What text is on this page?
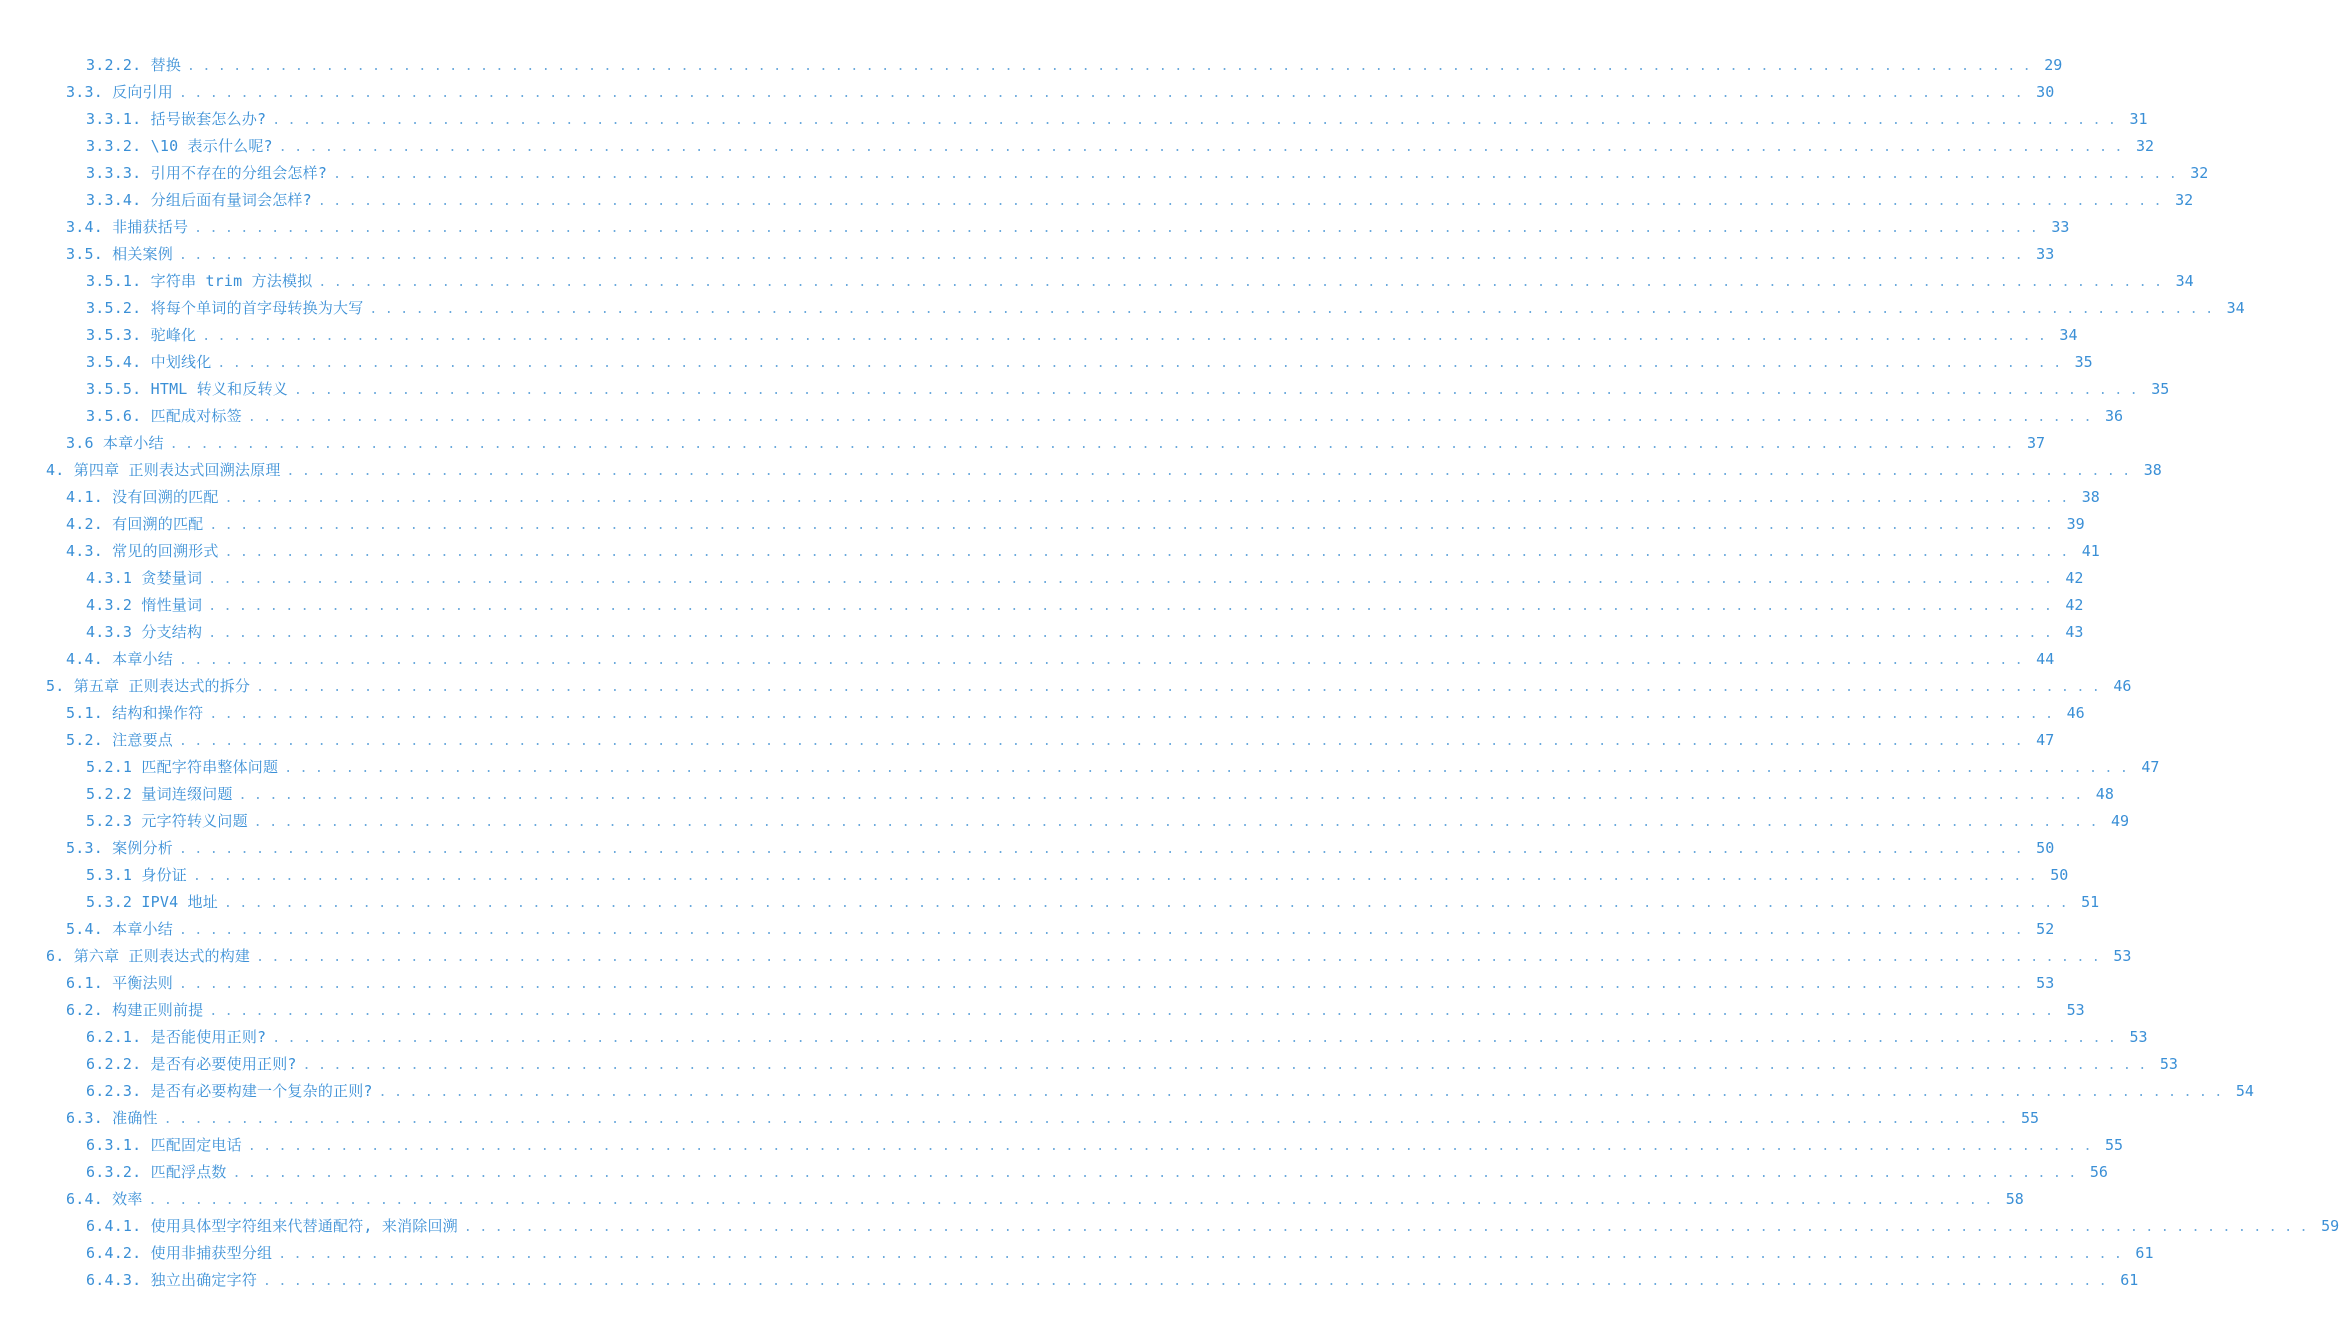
3.2.2. 替换 ........................................................................................................................ 29
3.3. 反向引用 ........................................................................................................................ 30
3.3.1. 括号嵌套怎么办? ........................................................................................................................ 31
3.3.2. \10 表示什么呢? ........................................................................................................................ 32
3.3.3. 引用不存在的分组会怎样? ........................................................................................................................ 32
3.3.4. 分组后面有量词会怎样? ........................................................................................................................ 32
3.4. 非捕获括号 ........................................................................................................................ 33
3.5. 相关案例 ........................................................................................................................ 33
3.5.1. 字符串 trim 方法模拟 ........................................................................................................................ 34
3.5.2. 将每个单词的首字母转换为大写 ........................................................................................................................ 34
3.5.3. 驼峰化 ........................................................................................................................ 34
3.5.4. 中划线化 ........................................................................................................................ 35
3.5.5. HTML 转义和反转义 ........................................................................................................................ 35
3.5.6. 匹配成对标签 ........................................................................................................................ 36
3.6 本章小结 ........................................................................................................................ 37
4. 第四章 正则表达式回溯法原理 ........................................................................................................................ 38
4.1. 没有回溯的匹配 ........................................................................................................................ 38
4.2. 有回溯的匹配 ........................................................................................................................ 39
4.3. 常见的回溯形式 ........................................................................................................................ 41
4.3.1 贪婪量词 ........................................................................................................................ 42
4.3.2 惰性量词 ........................................................................................................................ 42
4.3.3 分支结构 ........................................................................................................................ 43
4.4. 本章小结 ........................................................................................................................ 44
5. 第五章 正则表达式的拆分 ........................................................................................................................ 46
5.1. 结构和操作符 ........................................................................................................................ 46
5.2. 注意要点 ........................................................................................................................ 47
5.2.1 匹配字符串整体问题 ........................................................................................................................ 47
5.2.2 量词连缀问题 ........................................................................................................................ 48
5.2.3 元字符转义问题 ........................................................................................................................ 49
5.3. 案例分析 ........................................................................................................................ 50
5.3.1 身份证 ........................................................................................................................ 50
5.3.2 IPV4 地址 ........................................................................................................................ 51
5.4. 本章小结 ........................................................................................................................ 52
6. 第六章 正则表达式的构建 ........................................................................................................................ 53
6.1. 平衡法则 ........................................................................................................................ 53
6.2. 构建正则前提 ........................................................................................................................ 53
6.2.1. 是否能使用正则? ........................................................................................................................ 53
6.2.2. 是否有必要使用正则? ........................................................................................................................ 53
6.2.3. 是否有必要构建一个复杂的正则? ........................................................................................................................ 54
6.3. 准确性 ........................................................................................................................ 55
6.3.1. 匹配固定电话 ........................................................................................................................ 55
6.3.2. 匹配浮点数 ........................................................................................................................ 56
6.4. 效率 ........................................................................................................................ 58
6.4.1. 使用具体型字符组来代替通配符, 来消除回溯 ........................................................................................................................ 59
6.4.2. 使用非捕获型分组 ........................................................................................................................ 61
6.4.3. 独立出确定字符 ........................................................................................................................ 61
